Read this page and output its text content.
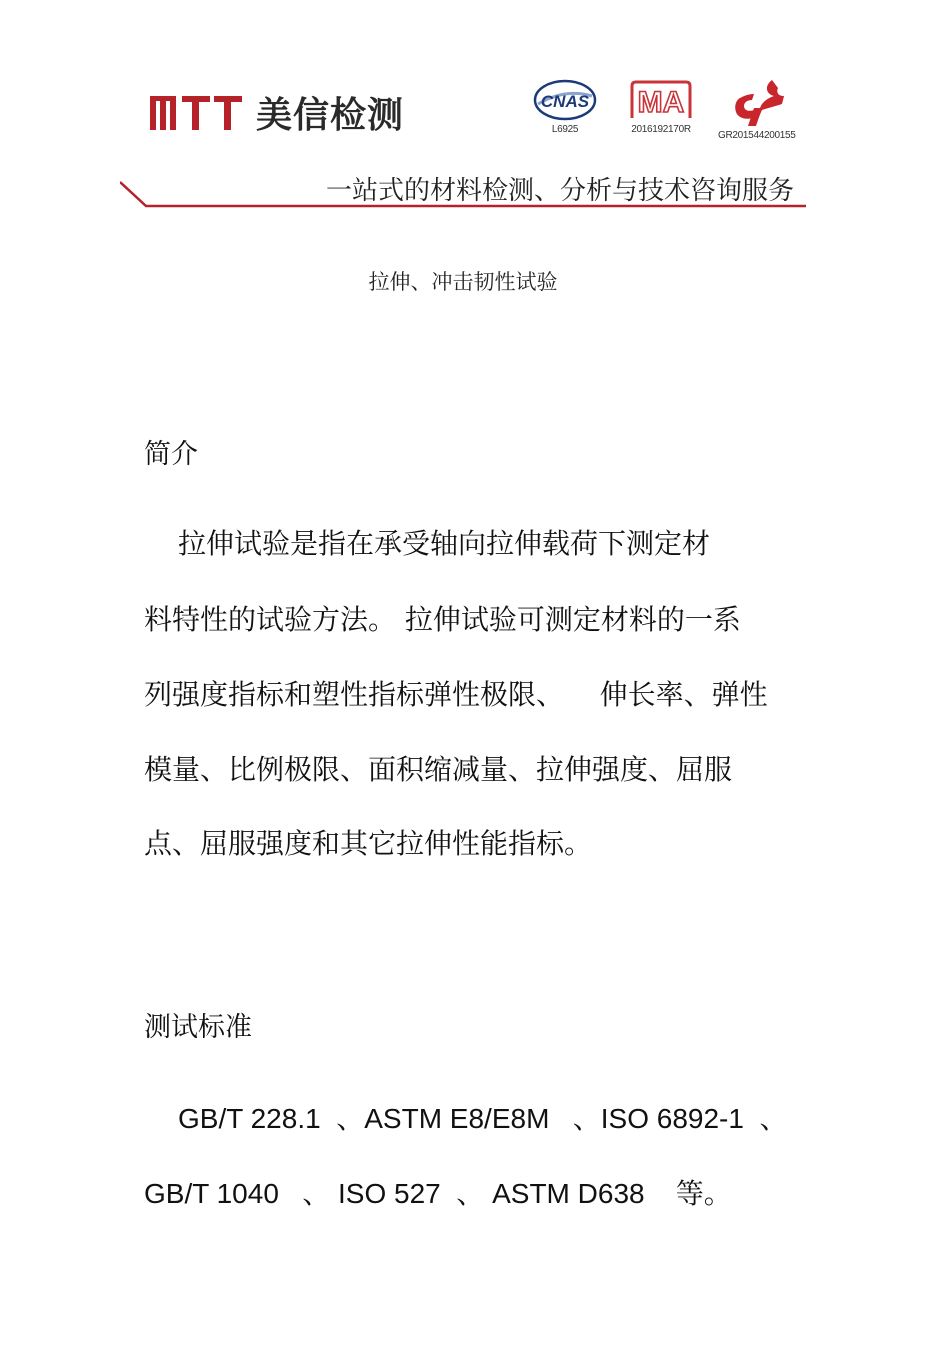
美信检测	CNAS
L6925
MA
2016192170R
GR201544200155
一站式的材料检测、分析与技术咨询服务
拉伸、冲击韧性试验
简介
拉伸试验是指在承受轴向拉伸载荷下测定材
料特性的试验方法。 拉伸试验可测定材料的一系
列强度指标和塑性指标弹性极限、    伸长率、弹性
模量、比例极限、面积缩减量、拉伸强度、屈服
点、屈服强度和其它拉伸性能指标。
测试标准
GB/T 228.1  、ASTM E8/E8M   、ISO 6892-1  、
GB/T 1040   、 ISO 527  、 ASTM D638    等。
